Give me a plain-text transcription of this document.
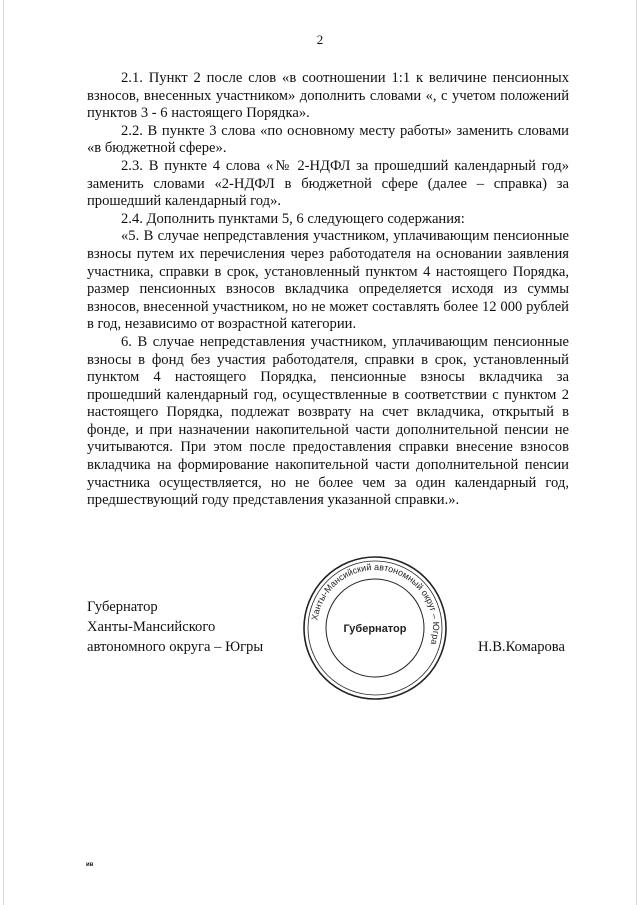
2

2.1. Пункт 2 после слов «в соотношении 1:1 к величине пенсионных взносов, внесенных участником» дополнить словами «, с учетом положений пунктов 3 - 6 настоящего Порядка».

2.2. В пункте 3 слова «по основному месту работы» заменить словами «в бюджетной сфере».

2.3. В пункте 4 слова «№ 2-НДФЛ за прошедший календарный год» заменить словами «2-НДФЛ в бюджетной сфере (далее – справка) за прошедший календарный год».

2.4. Дополнить пунктами 5, 6 следующего содержания:

«5. В случае непредставления участником, уплачивающим пенсионные взносы путем их перечисления через работодателя на основании заявления участника, справки в срок, установленный пунктом 4 настоящего Порядка, размер пенсионных взносов вкладчика определяется исходя из суммы взносов, внесенной участником, но не может составлять более 12 000 рублей в год, независимо от возрастной категории.

6. В случае непредставления участником, уплачивающим пенсионные взносы в фонд без участия работодателя, справки в срок, установленный пунктом 4 настоящего Порядка, пенсионные взносы вкладчика за прошедший календарный год, осуществленные в соответствии с пунктом 2 настоящего Порядка, подлежат возврату на счет вкладчика, открытый в фонде, и при назначении накопительной части дополнительной пенсии не учитываются. При этом после предоставления справки внесение взносов вкладчика на формирование накопительной части дополнительной пенсии участника осуществляется, но не более чем за один календарный год, предшествующий году представления указанной справки.».

Губернатор
Ханты-Мансийского
автономного округа – Югры
Ханты-Мансийский автономный округ – Югра
Губернатор
Н.В.Комарова
ив
